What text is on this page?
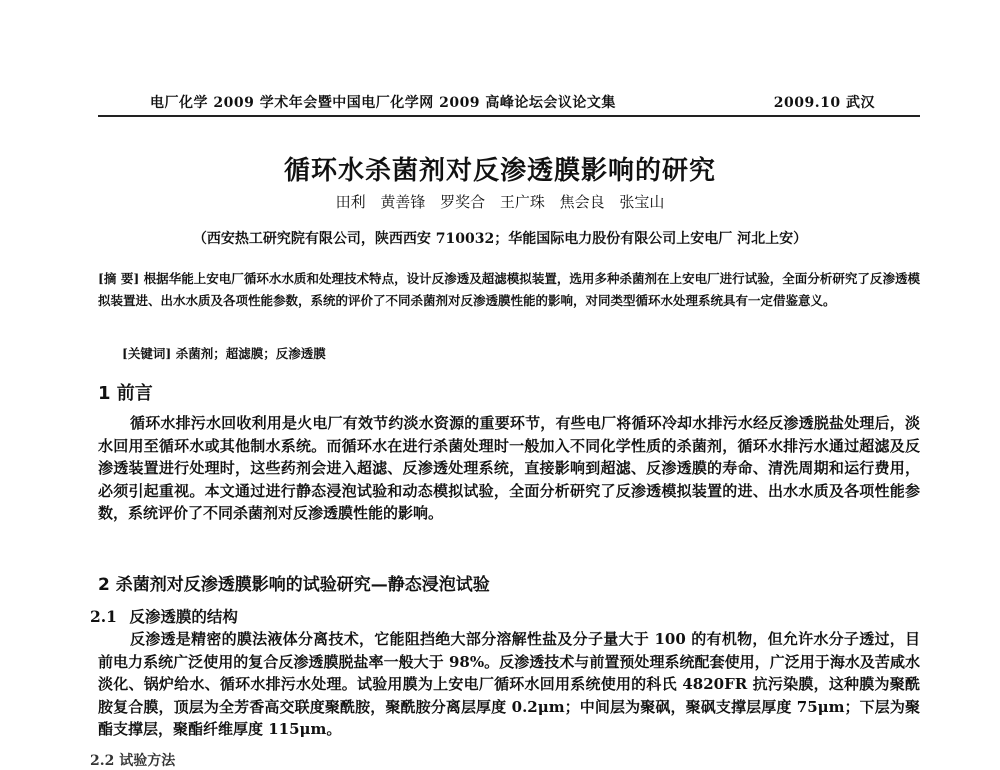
电厂化学 2009 学术年会暨中国电厂化学网 2009 高峰论坛会议论文集	2009.10 武汉
循环水杀菌剂对反渗透膜影响的研究
田利 黄善锋 罗奖合 王广珠 焦会良 张宝山
（西安热工研究院有限公司，陕西西安 710032；华能国际电力股份有限公司上安电厂 河北上安）
[摘 要] 根据华能上安电厂循环水水质和处理技术特点，设计反渗透及超滤模拟装置，选用多种杀菌剂在上安电厂进行试验，全面分析研究了反渗透模拟装置进、出水水质及各项性能参数，系统的评价了不同杀菌剂对反渗透膜性能的影响，对同类型循环水处理系统具有一定借鉴意义。
[关键词] 杀菌剂；超滤膜；反渗透膜
1 前言
循环水排污水回收利用是火电厂有效节约淡水资源的重要环节，有些电厂将循环冷却水排污水经反渗透脱盐处理后，淡水回用至循环水或其他制水系统。而循环水在进行杀菌处理时一般加入不同化学性质的杀菌剂，循环水排污水通过超滤及反渗透装置进行处理时，这些药剂会进入超滤、反渗透处理系统，直接影响到超滤、反渗透膜的寿命、清洗周期和运行费用，必须引起重视。本文通过进行静态浸泡试验和动态模拟试验，全面分析研究了反渗透模拟装置的进、出水水质及各项性能参数，系统评价了不同杀菌剂对反渗透膜性能的影响。
2 杀菌剂对反渗透膜影响的试验研究—静态浸泡试验
2.1 反渗透膜的结构
反渗透是精密的膜法液体分离技术，它能阻挡绝大部分溶解性盐及分子量大于 100 的有机物，但允许水分子透过，目前电力系统广泛使用的复合反渗透膜脱盐率一般大于 98%。反渗透技术与前置预处理系统配套使用，广泛用于海水及苦咸水淡化、锅炉给水、循环水排污水处理。试验用膜为上安电厂循环水回用系统使用的科氏 4820FR 抗污染膜，这种膜为聚酰胺复合膜，顶层为全芳香高交联度聚酰胺，聚酰胺分离层厚度 0.2μm；中间层为聚砜，聚砜支撑层厚度 75μm；下层为聚酯支撑层，聚酯纤维厚度 115μm。
2.2 试验方法
